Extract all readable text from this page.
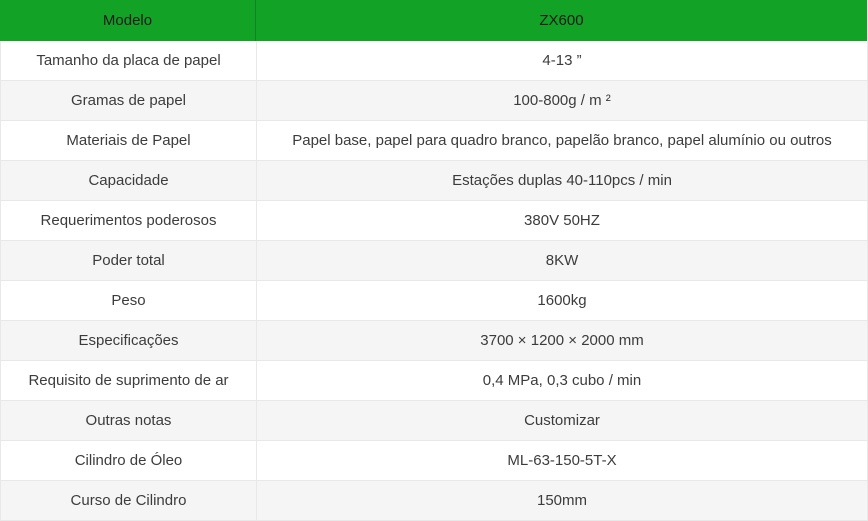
Modelo	ZX600
Tamanho da placa de papel	4-13 ”
Gramas de papel	100-800g / m ²
Materiais de Papel	Papel base, papel para quadro branco, papelão branco, papel alumínio ou outros
Capacidade	Estações duplas 40-110pcs / min
Requerimentos poderosos	380V 50HZ
Poder total	8KW
Peso	1600kg
Especificações	3700 × 1200 × 2000 mm
Requisito de suprimento de ar	0,4 MPa, 0,3 cubo / min
Outras notas	Customizar
Cilindro de Óleo	ML-63-150-5T-X
Curso de Cilindro	150mm
